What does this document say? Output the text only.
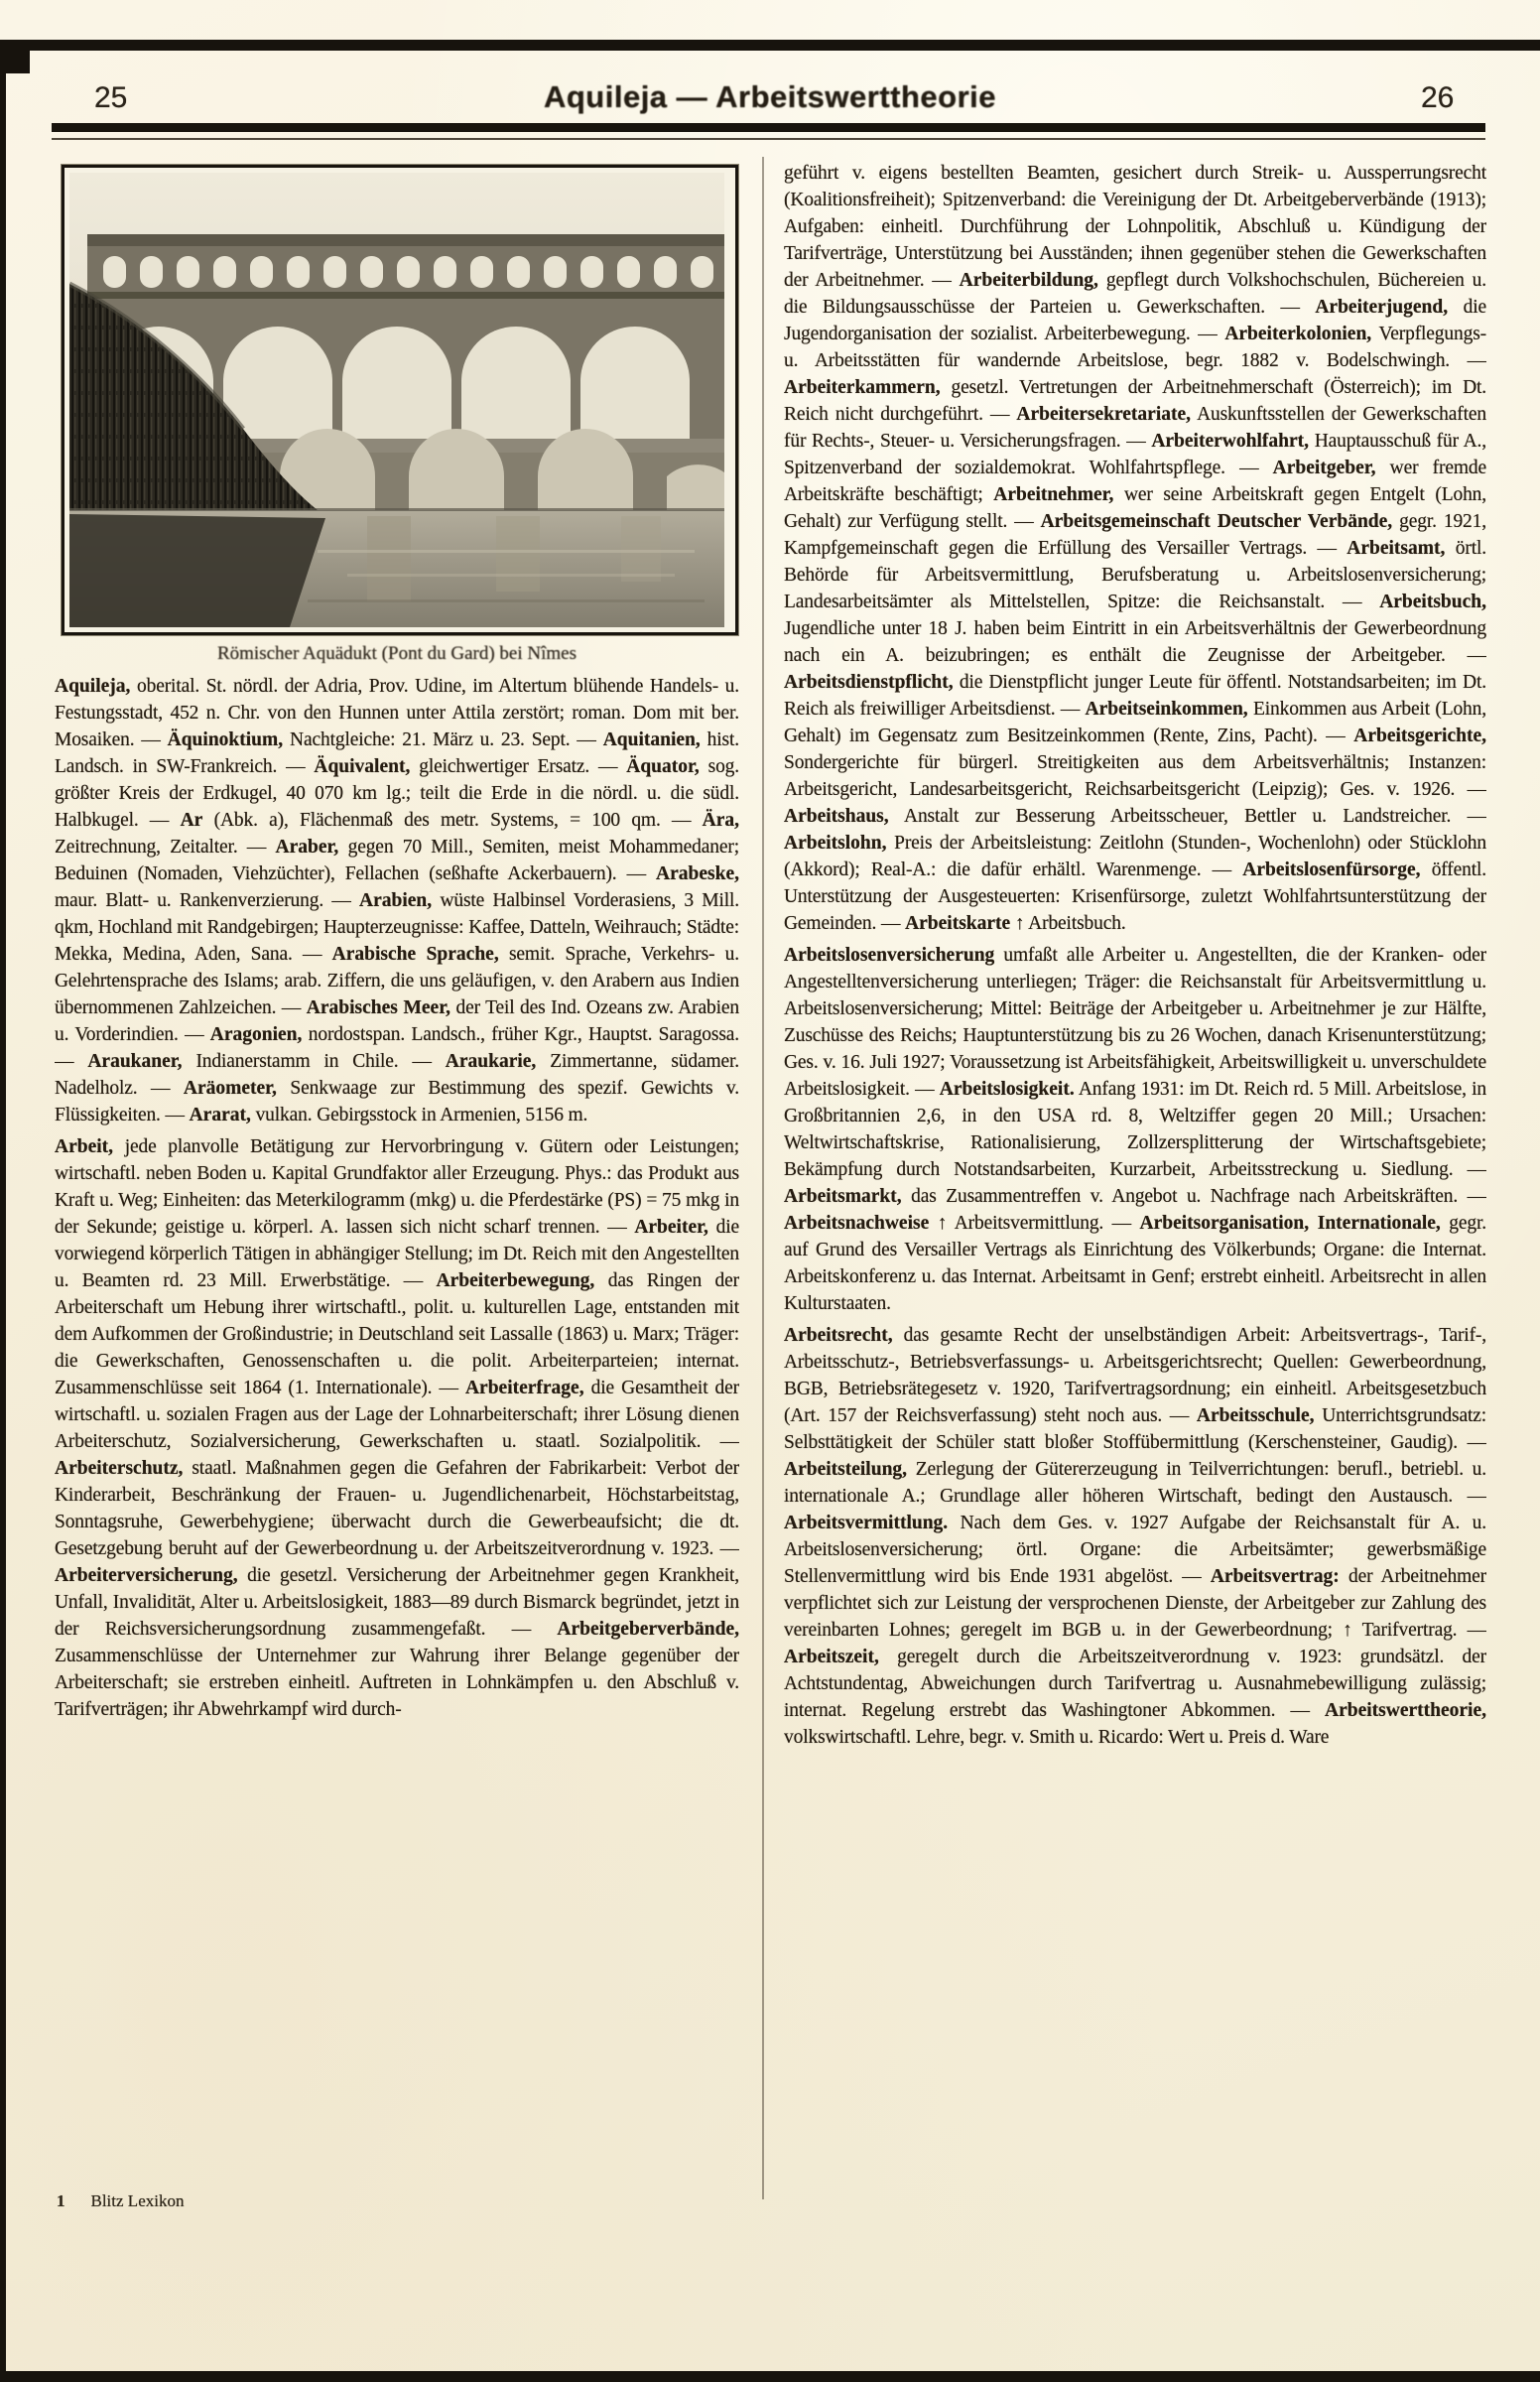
25	Aquileja — Arbeitswerttheorie	26
Römischer Aquädukt (Pont du Gard) bei Nîmes

Aquileja, oberital. St. nördl. der Adria, Prov. Udine, im Altertum blühende Handels- u. Festungsstadt, 452 n. Chr. von den Hunnen unter Attila zerstört; roman. Dom mit ber. Mosaiken. — Äquinoktium, Nachtgleiche: 21. März u. 23. Sept. — Aquitanien, hist. Landsch. in SW-Frankreich. — Äquivalent, gleichwertiger Ersatz. — Äquator, sog. größter Kreis der Erdkugel, 40 070 km lg.; teilt die Erde in die nördl. u. die südl. Halbkugel. — Ar (Abk. a), Flächenmaß des metr. Systems, = 100 qm. — Ära, Zeitrechnung, Zeitalter. — Araber, gegen 70 Mill., Semiten, meist Mohammedaner; Beduinen (Nomaden, Viehzüchter), Fellachen (seßhafte Ackerbauern). — Arabeske, maur. Blatt- u. Rankenverzierung. — Arabien, wüste Halbinsel Vorderasiens, 3 Mill. qkm, Hochland mit Randgebirgen; Haupterzeugnisse: Kaffee, Datteln, Weihrauch; Städte: Mekka, Medina, Aden, Sana. — Arabische Sprache, semit. Sprache, Verkehrs- u. Gelehrtensprache des Islams; arab. Ziffern, die uns geläufigen, v. den Arabern aus Indien übernommenen Zahlzeichen. — Arabisches Meer, der Teil des Ind. Ozeans zw. Arabien u. Vorderindien. — Aragonien, nordostspan. Landsch., früher Kgr., Hauptst. Saragossa. — Araukaner, Indianerstamm in Chile. — Araukarie, Zimmertanne, südamer. Nadelholz. — Aräometer, Senkwaage zur Bestimmung des spezif. Gewichts v. Flüssigkeiten. — Ararat, vulkan. Gebirgsstock in Armenien, 5156 m.

Arbeit, jede planvolle Betätigung zur Hervorbringung v. Gütern oder Leistungen; wirtschaftl. neben Boden u. Kapital Grundfaktor aller Erzeugung. Phys.: das Produkt aus Kraft u. Weg; Einheiten: das Meterkilogramm (mkg) u. die Pferdestärke (PS) = 75 mkg in der Sekunde; geistige u. körperl. A. lassen sich nicht scharf trennen. — Arbeiter, die vorwiegend körperlich Tätigen in abhängiger Stellung; im Dt. Reich mit den Angestellten u. Beamten rd. 23 Mill. Erwerbstätige. — Arbeiterbewegung, das Ringen der Arbeiterschaft um Hebung ihrer wirtschaftl., polit. u. kulturellen Lage, entstanden mit dem Aufkommen der Großindustrie; in Deutschland seit Lassalle (1863) u. Marx; Träger: die Gewerkschaften, Genossenschaften u. die polit. Arbeiterparteien; internat. Zusammenschlüsse seit 1864 (1. Internationale). — Arbeiterfrage, die Gesamtheit der wirtschaftl. u. sozialen Fragen aus der Lage der Lohnarbeiterschaft; ihrer Lösung dienen Arbeiterschutz, Sozialversicherung, Gewerkschaften u. staatl. Sozialpolitik. — Arbeiterschutz, staatl. Maßnahmen gegen die Gefahren der Fabrikarbeit: Verbot der Kinderarbeit, Beschränkung der Frauen- u. Jugendlichenarbeit, Höchstarbeitstag, Sonntagsruhe, Gewerbehygiene; überwacht durch die Gewerbeaufsicht; die dt. Gesetzgebung beruht auf der Gewerbeordnung u. der Arbeitszeitverordnung v. 1923. — Arbeiterversicherung, die gesetzl. Versicherung der Arbeitnehmer gegen Krankheit, Unfall, Invalidität, Alter u. Arbeitslosigkeit, 1883—89 durch Bismarck begründet, jetzt in der Reichsversicherungsordnung zusammengefaßt. — Arbeitgeberverbände, Zusammenschlüsse der Unternehmer zur Wahrung ihrer Belange gegenüber der Arbeiterschaft; sie erstreben einheitl. Auftreten in Lohnkämpfen u. den Abschluß v. Tarifverträgen; ihr Abwehrkampf wird durch-

geführt v. eigens bestellten Beamten, gesichert durch Streik- u. Aussperrungsrecht (Koalitionsfreiheit); Spitzenverband: die Vereinigung der Dt. Arbeitgeberverbände (1913); Aufgaben: einheitl. Durchführung der Lohnpolitik, Abschluß u. Kündigung der Tarifverträge, Unterstützung bei Ausständen; ihnen gegenüber stehen die Gewerkschaften der Arbeitnehmer. — Arbeiterbildung, gepflegt durch Volkshochschulen, Büchereien u. die Bildungsausschüsse der Parteien u. Gewerkschaften. — Arbeiterjugend, die Jugendorganisation der sozialist. Arbeiterbewegung. — Arbeiterkolonien, Verpflegungs- u. Arbeitsstätten für wandernde Arbeitslose, begr. 1882 v. Bodelschwingh. — Arbeiterkammern, gesetzl. Vertretungen der Arbeitnehmerschaft (Österreich); im Dt. Reich nicht durchgeführt. — Arbeitersekretariate, Auskunftsstellen der Gewerkschaften für Rechts-, Steuer- u. Versicherungsfragen. — Arbeiterwohlfahrt, Hauptausschuß für A., Spitzenverband der sozialdemokrat. Wohlfahrtspflege. — Arbeitgeber, wer fremde Arbeitskräfte beschäftigt; Arbeitnehmer, wer seine Arbeitskraft gegen Entgelt (Lohn, Gehalt) zur Verfügung stellt. — Arbeitsgemeinschaft Deutscher Verbände, gegr. 1921, Kampfgemeinschaft gegen die Erfüllung des Versailler Vertrags. — Arbeitsamt, örtl. Behörde für Arbeitsvermittlung, Berufsberatung u. Arbeitslosenversicherung; Landesarbeitsämter als Mittelstellen, Spitze: die Reichsanstalt. — Arbeitsbuch, Jugendliche unter 18 J. haben beim Eintritt in ein Arbeitsverhältnis der Gewerbeordnung nach ein A. beizubringen; es enthält die Zeugnisse der Arbeitgeber. — Arbeitsdienstpflicht, die Dienstpflicht junger Leute für öffentl. Notstandsarbeiten; im Dt. Reich als freiwilliger Arbeitsdienst. — Arbeitseinkommen, Einkommen aus Arbeit (Lohn, Gehalt) im Gegensatz zum Besitzeinkommen (Rente, Zins, Pacht). — Arbeitsgerichte, Sondergerichte für bürgerl. Streitigkeiten aus dem Arbeitsverhältnis; Instanzen: Arbeitsgericht, Landesarbeitsgericht, Reichsarbeitsgericht (Leipzig); Ges. v. 1926. — Arbeitshaus, Anstalt zur Besserung Arbeitsscheuer, Bettler u. Landstreicher. — Arbeitslohn, Preis der Arbeitsleistung: Zeitlohn (Stunden-, Wochenlohn) oder Stücklohn (Akkord); Real-A.: die dafür erhältl. Warenmenge. — Arbeitslosenfürsorge, öffentl. Unterstützung der Ausgesteuerten: Krisenfürsorge, zuletzt Wohlfahrtsunterstützung der Gemeinden. — Arbeitskarte ↑ Arbeitsbuch.

Arbeitslosenversicherung umfaßt alle Arbeiter u. Angestellten, die der Kranken- oder Angestelltenversicherung unterliegen; Träger: die Reichsanstalt für Arbeitsvermittlung u. Arbeitslosenversicherung; Mittel: Beiträge der Arbeitgeber u. Arbeitnehmer je zur Hälfte, Zuschüsse des Reichs; Hauptunterstützung bis zu 26 Wochen, danach Krisenunterstützung; Ges. v. 16. Juli 1927; Voraussetzung ist Arbeitsfähigkeit, Arbeitswilligkeit u. unverschuldete Arbeitslosigkeit. — Arbeitslosigkeit. Anfang 1931: im Dt. Reich rd. 5 Mill. Arbeitslose, in Großbritannien 2,6, in den USA rd. 8, Weltziffer gegen 20 Mill.; Ursachen: Weltwirtschaftskrise, Rationalisierung, Zollzersplitterung der Wirtschaftsgebiete; Bekämpfung durch Notstandsarbeiten, Kurzarbeit, Arbeitsstreckung u. Siedlung. — Arbeitsmarkt, das Zusammentreffen v. Angebot u. Nachfrage nach Arbeitskräften. — Arbeitsnachweise ↑ Arbeitsvermittlung. — Arbeitsorganisation, Internationale, gegr. auf Grund des Versailler Vertrags als Einrichtung des Völkerbunds; Organe: die Internat. Arbeitskonferenz u. das Internat. Arbeitsamt in Genf; erstrebt einheitl. Arbeitsrecht in allen Kulturstaaten.

Arbeitsrecht, das gesamte Recht der unselbständigen Arbeit: Arbeitsvertrags-, Tarif-, Arbeitsschutz-, Betriebsverfassungs- u. Arbeitsgerichtsrecht; Quellen: Gewerbeordnung, BGB, Betriebsrätegesetz v. 1920, Tarifvertragsordnung; ein einheitl. Arbeitsgesetzbuch (Art. 157 der Reichsverfassung) steht noch aus. — Arbeitsschule, Unterrichtsgrundsatz: Selbsttätigkeit der Schüler statt bloßer Stoffübermittlung (Kerschensteiner, Gaudig). — Arbeitsteilung, Zerlegung der Gütererzeugung in Teilverrichtungen: berufl., betriebl. u. internationale A.; Grundlage aller höheren Wirtschaft, bedingt den Austausch. — Arbeitsvermittlung. Nach dem Ges. v. 1927 Aufgabe der Reichsanstalt für A. u. Arbeitslosenversicherung; örtl. Organe: die Arbeitsämter; gewerbsmäßige Stellenvermittlung wird bis Ende 1931 abgelöst. — Arbeitsvertrag: der Arbeitnehmer verpflichtet sich zur Leistung der versprochenen Dienste, der Arbeitgeber zur Zahlung des vereinbarten Lohnes; geregelt im BGB u. in der Gewerbeordnung; ↑ Tarifvertrag. — Arbeitszeit, geregelt durch die Arbeitszeitverordnung v. 1923: grundsätzl. der Achtstundentag, Abweichungen durch Tarifvertrag u. Ausnahmebewilligung zulässig; internat. Regelung erstrebt das Washingtoner Abkommen. — Arbeitswerttheorie, volkswirtschaftl. Lehre, begr. v. Smith u. Ricardo: Wert u. Preis d. Ware

1 Blitz Lexikon
